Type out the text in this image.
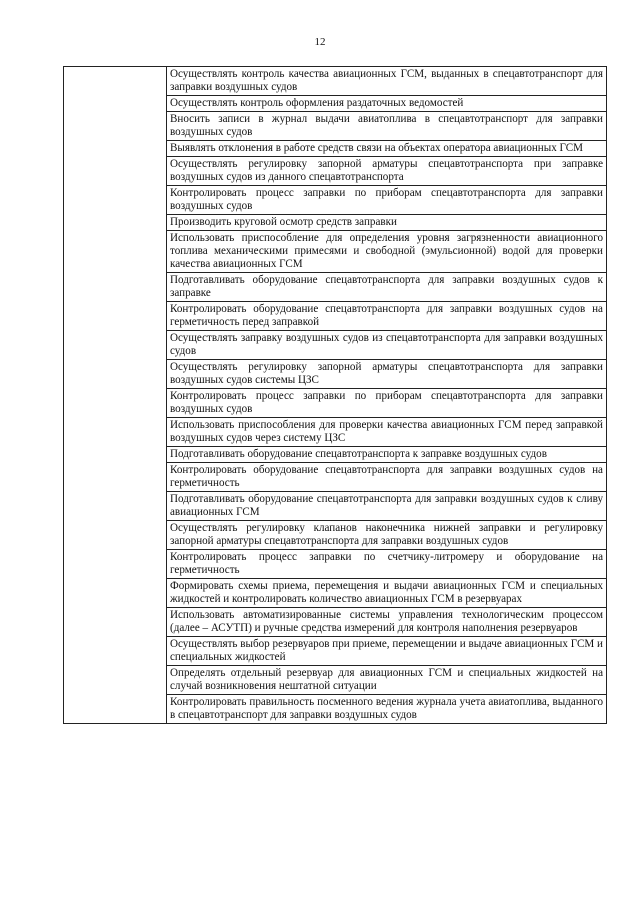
12

Осуществлять контроль качества авиационных ГСМ, выданных в спецавтотранспорт для заправки воздушных судов

Осуществлять контроль оформления раздаточных ведомостей

Вносить записи в журнал выдачи авиатоплива в спецавтотранспорт для заправки воздушных судов

Выявлять отклонения в работе средств связи на объектах оператора авиационных ГСМ

Осуществлять регулировку запорной арматуры спецавтотранспорта при заправке воздушных судов из данного спецавтотранспорта

Контролировать процесс заправки по приборам спецавтотранспорта для заправки воздушных судов

Производить круговой осмотр средств заправки

Использовать приспособление для определения уровня загрязненности авиационного топлива механическими примесями и свободной (эмульсионной) водой для проверки качества авиационных ГСМ

Подготавливать оборудование спецавтотранспорта для заправки воздушных судов к заправке

Контролировать оборудование спецавтотранспорта для заправки воздушных судов на герметичность перед заправкой

Осуществлять заправку воздушных судов из спецавтотранспорта для заправки воздушных судов

Осуществлять регулировку запорной арматуры спецавтотранспорта для заправки воздушных судов системы ЦЗС

Контролировать процесс заправки по приборам спецавтотранспорта для заправки воздушных судов

Использовать приспособления для проверки качества авиационных ГСМ перед заправкой воздушных судов через систему ЦЗС

Подготавливать оборудование спецавтотранспорта к заправке воздушных судов

Контролировать оборудование спецавтотранспорта для заправки воздушных судов на герметичность

Подготавливать оборудование спецавтотранспорта для заправки воздушных судов к сливу авиационных ГСМ

Осуществлять регулировку клапанов наконечника нижней заправки и регулировку запорной арматуры спецавтотранспорта для заправки воздушных судов

Контролировать процесс заправки по счетчику-литромеру и оборудование на герметичность

Формировать схемы приема, перемещения и выдачи авиационных ГСМ и специальных жидкостей и контролировать количество авиационных ГСМ в резервуарах

Использовать автоматизированные системы управления технологическим процессом (далее – АСУТП) и ручные средства измерений для контроля наполнения резервуаров

Осуществлять выбор резервуаров при приеме, перемещении и выдаче авиационных ГСМ и специальных жидкостей

Определять отдельный резервуар для авиационных ГСМ и специальных жидкостей на случай возникновения нештатной ситуации

Контролировать правильность посменного ведения журнала учета авиатоплива, выданного в спецавтотранспорт для заправки воздушных судов
